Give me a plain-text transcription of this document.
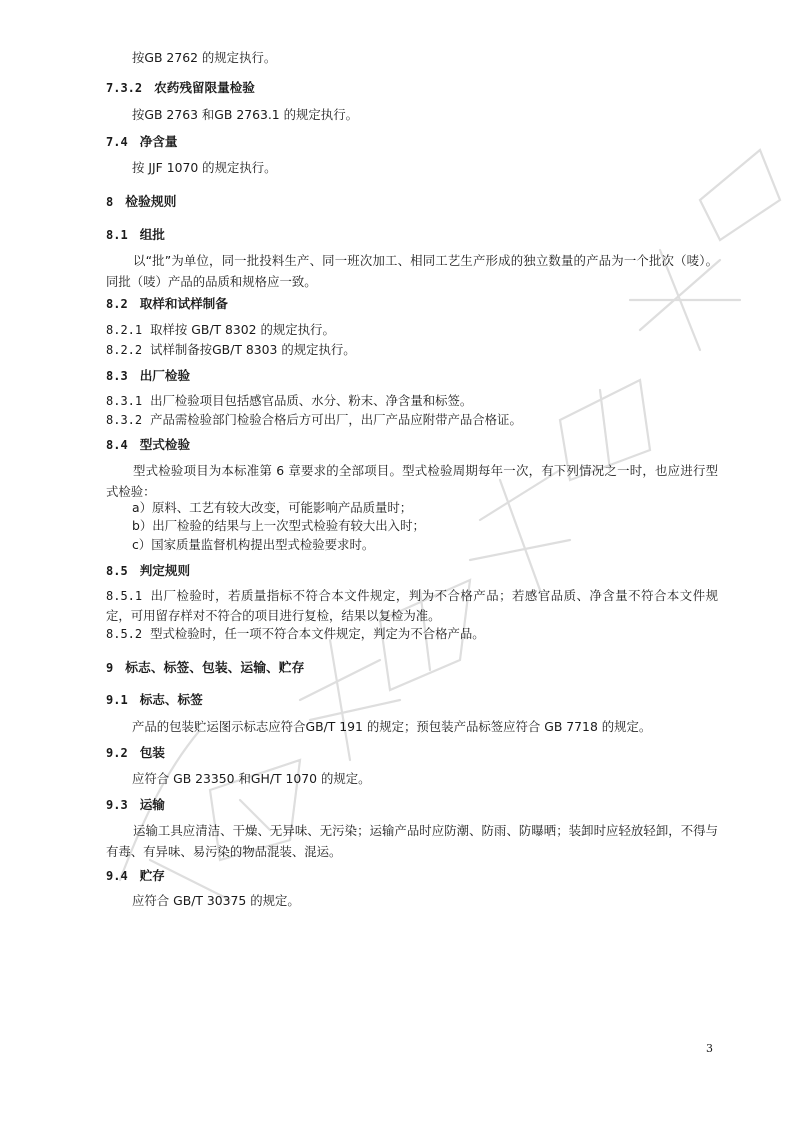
按GB 2762 的规定执行。
7.3.2 农药残留限量检验
按GB 2763 和GB 2763.1 的规定执行。
7.4 净含量
按 JJF 1070 的规定执行。
8 检验规则
8.1 组批
以“批”为单位，同一批投料生产、同一班次加工、相同工艺生产形成的独立数量的产品为一个批次（唛）。同批（唛）产品的品质和规格应一致。
8.2 取样和试样制备
8.2.1 取样按 GB/T 8302 的规定执行。
8.2.2 试样制备按GB/T 8303 的规定执行。
8.3 出厂检验
8.3.1 出厂检验项目包括感官品质、水分、粉末、净含量和标签。
8.3.2 产品需检验部门检验合格后方可出厂，出厂产品应附带产品合格证。
8.4 型式检验
型式检验项目为本标准第 6 章要求的全部项目。型式检验周期每年一次，有下列情况之一时，也应进行型式检验：
a）原料、工艺有较大改变，可能影响产品质量时；
b）出厂检验的结果与上一次型式检验有较大出入时；
c）国家质量监督机构提出型式检验要求时。
8.5 判定规则
8.5.1 出厂检验时，若质量指标不符合本文件规定，判为不合格产品；若感官品质、净含量不符合本文件规定，可用留存样对不符合的项目进行复检，结果以复检为准。
8.5.2 型式检验时，任一项不符合本文件规定，判定为不合格产品。
9 标志、标签、包装、运输、贮存
9.1 标志、标签
产品的包装贮运图示标志应符合GB/T 191 的规定；预包装产品标签应符合 GB 7718 的规定。
9.2 包装
应符合 GB 23350 和GH/T 1070 的规定。
9.3 运输
运输工具应清洁、干燥、无异味、无污染；运输产品时应防潮、防雨、防曝晒；装卸时应轻放轻卸，不得与有毒、有异味、易污染的物品混装、混运。
9.4 贮存
应符合 GB/T 30375 的规定。
3
